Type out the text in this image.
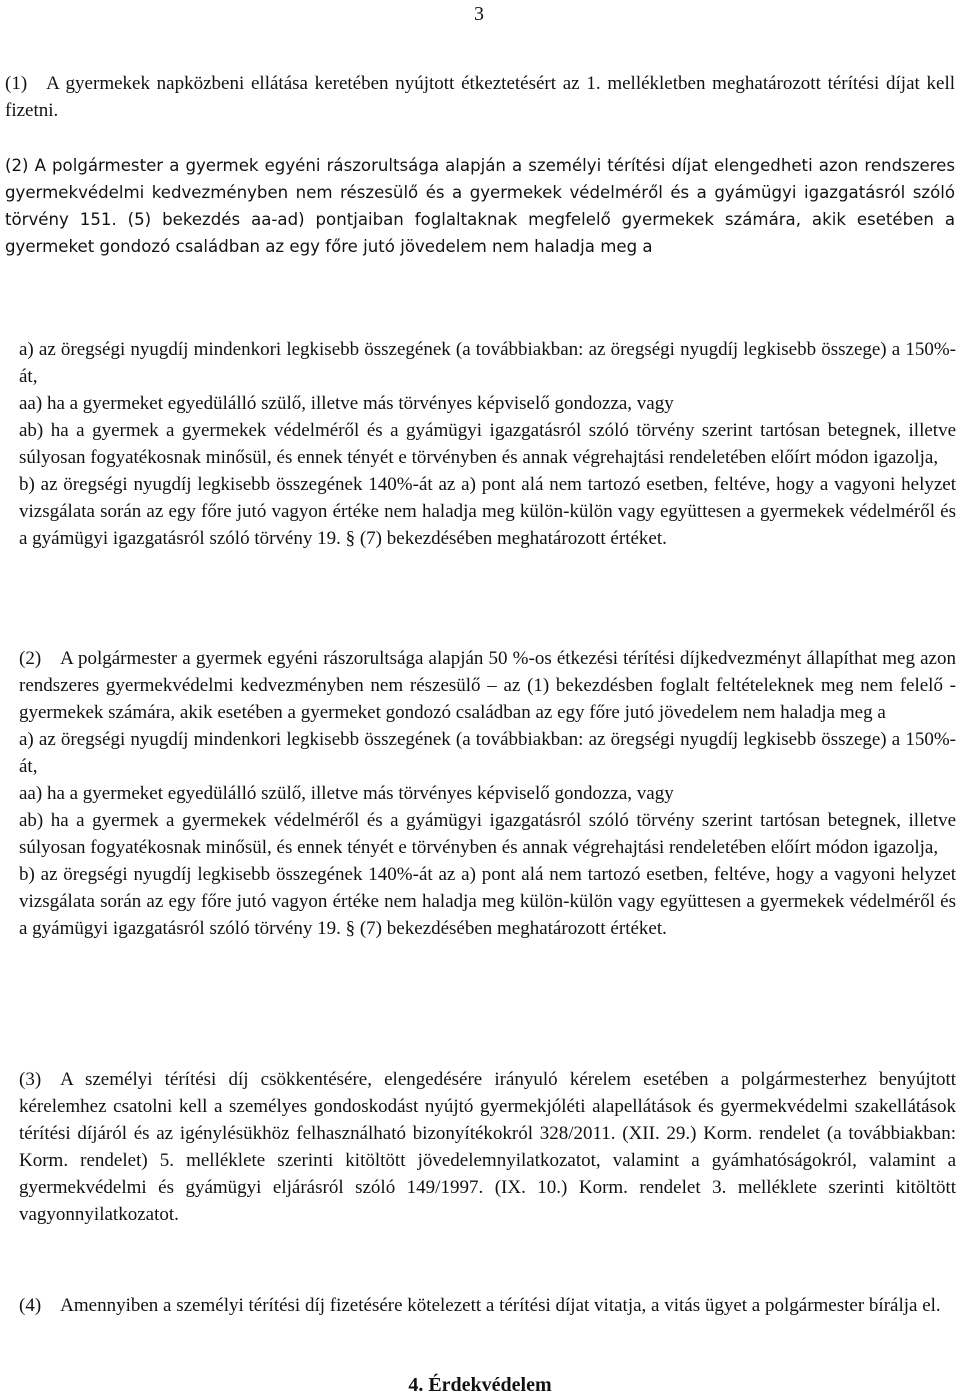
3

(1) A gyermekek napközbeni ellátása keretében nyújtott étkeztetésért az 1. mellékletben meghatározott térítési díjat kell fizetni.

(2) A polgármester a gyermek egyéni rászorultsága alapján a személyi térítési díjat elengedheti azon rendszeres gyermekvédelmi kedvezményben nem részesülő és a gyermekek védelméről és a gyámügyi igazgatásról szóló törvény 151. (5) bekezdés aa-ad) pontjaiban foglaltaknak megfelelő gyermekek számára, akik esetében a gyermeket gondozó családban az egy főre jutó jövedelem nem haladja meg a

a) az öregségi nyugdíj mindenkori legkisebb összegének (a továbbiakban: az öregségi nyugdíj legkisebb összege) a 150%-át,

aa) ha a gyermeket egyedülálló szülő, illetve más törvényes képviselő gondozza, vagy

ab) ha a gyermek a gyermekek védelméről és a gyámügyi igazgatásról szóló törvény szerint tartósan betegnek, illetve súlyosan fogyatékosnak minősül, és ennek tényét e törvényben és annak végrehajtási rendeletében előírt módon igazolja,

b) az öregségi nyugdíj legkisebb összegének 140%-át az a) pont alá nem tartozó esetben, feltéve, hogy a vagyoni helyzet vizsgálata során az egy főre jutó vagyon értéke nem haladja meg külön-külön vagy együttesen a gyermekek védelméről és a gyámügyi igazgatásról szóló törvény 19. § (7) bekezdésében meghatározott értéket.

(2) A polgármester a gyermek egyéni rászorultsága alapján 50 %-os étkezési térítési díjkedvezményt állapíthat meg azon rendszeres gyermekvédelmi kedvezményben nem részesülő – az (1) bekezdésben foglalt feltételeknek meg nem felelő - gyermekek számára, akik esetében a gyermeket gondozó családban az egy főre jutó jövedelem nem haladja meg a

a) az öregségi nyugdíj mindenkori legkisebb összegének (a továbbiakban: az öregségi nyugdíj legkisebb összege) a 150%-át,

aa) ha a gyermeket egyedülálló szülő, illetve más törvényes képviselő gondozza, vagy

ab) ha a gyermek a gyermekek védelméről és a gyámügyi igazgatásról szóló törvény szerint tartósan betegnek, illetve súlyosan fogyatékosnak minősül, és ennek tényét e törvényben és annak végrehajtási rendeletében előírt módon igazolja,

b) az öregségi nyugdíj legkisebb összegének 140%-át az a) pont alá nem tartozó esetben, feltéve, hogy a vagyoni helyzet vizsgálata során az egy főre jutó vagyon értéke nem haladja meg külön-külön vagy együttesen a gyermekek védelméről és a gyámügyi igazgatásról szóló törvény 19. § (7) bekezdésében meghatározott értéket.

(3) A személyi térítési díj csökkentésére, elengedésére irányuló kérelem esetében a polgármesterhez benyújtott kérelemhez csatolni kell a személyes gondoskodást nyújtó gyermekjóléti alapellátások és gyermekvédelmi szakellátások térítési díjáról és az igénylésükhöz felhasználható bizonyítékokról 328/2011. (XII. 29.) Korm. rendelet (a továbbiakban: Korm. rendelet) 5. melléklete szerinti kitöltött jövedelemnyilatkozatot, valamint a gyámhatóságokról, valamint a gyermekvédelmi és gyámügyi eljárásról szóló 149/1997. (IX. 10.) Korm. rendelet 3. melléklete szerinti kitöltött vagyonnyilatkozatot.

(4) Amennyiben a személyi térítési díj fizetésére kötelezett a térítési díjat vitatja, a vitás ügyet a polgármester bírálja el.

4. Érdekvédelem
